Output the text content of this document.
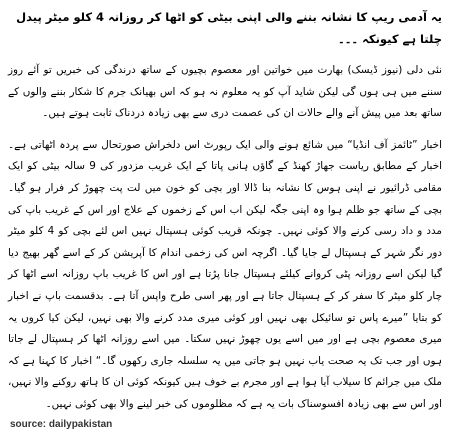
یہ آدمی ریپ کا نشانہ بننے والی اپنی بیٹی کو اٹھا کر روزانہ 4 کلو میٹر پیدل چلتا ہے کیونکہ ۔۔۔

نئی دلی (نیوز ڈیسک) بھارت میں خواتین اور معصوم بچیوں کے ساتھ درندگی کی خبریں تو آئے روز سننے میں ہی ہوں گی لیکن شاید آپ کو یہ معلوم نہ ہو کہ اس بھیانک جرم کا شکار بننے والوں کے ساتھ بعد میں پیش آنے والے حالات ان کی عصمت دری سے بھی زیادہ دردناک ثابت ہوتے ہیں۔

اخبار ”ٹائمز آف انڈیا“ میں شائع ہونے والی ایک رپورٹ اس دلخراش صورتحال سے پردہ اٹھاتی ہے۔ اخبار کے مطابق ریاست جھاڑ کھنڈ کے گاﺅں ہانی پاتا کے ایک غریب مزدور کی 9 سالہ بیٹی کو ایک مقامی ڈرائیور نے اپنی ہوس کا نشانہ بنا ڈالا اور بچی کو خون میں لت پت چھوڑ کر فرار ہو گیا۔ بچی کے ساتھ جو ظلم ہوا وہ اپنی جگہ لیکن اب اس کے زخموں کے علاج اور اس کے غریب باپ کی مدد و داد رسی کرنے والا کوئی نہیں۔ چونکہ قریب کوئی ہسپتال نہیں اس لئے بچی کو 4 کلو میٹر دور نگر شہر کے ہسپتال لے جایا گیا۔ اگرچہ اس کی زخمی اندام کا آپریشن کر کے اسے گھر بھیج دیا گیا لیکن اسے روزانہ پٹی کروانے کیلئے ہسپتال جانا پڑتا ہے اور اس کا غریب باپ روزانہ اسے اٹھا کر چار کلو میٹر کا سفر کر کے ہسپتال جاتا ہے اور پھر اسی طرح واپس آتا ہے۔ بدقسمت باپ نے اخبار کو بتایا ”میرے پاس تو سائیکل بھی نہیں اور کوئی میری مدد کرنے والا بھی نہیں، لیکن کیا کروں یہ میری معصوم بچی ہے اور میں اسے یوں چھوڑ نہیں سکتا۔ میں اسے روزانہ اٹھا کر ہسپتال لے جاتا ہوں اور جب تک یہ صحت یاب نہیں ہو جاتی میں یہ سلسلہ جاری رکھوں گا۔“ اخبار کا کہنا ہے کہ ملک میں جرائم کا سیلاب آیا ہوا ہے اور مجرم بے خوف ہیں کیونکہ کوئی ان کا ہاتھ روکنے والا نہیں، اور اس سے بھی زیادہ افسوسناک بات یہ ہے کہ مظلوموں کی خبر لینے والا بھی کوئی نہیں۔

source: dailypakistan
